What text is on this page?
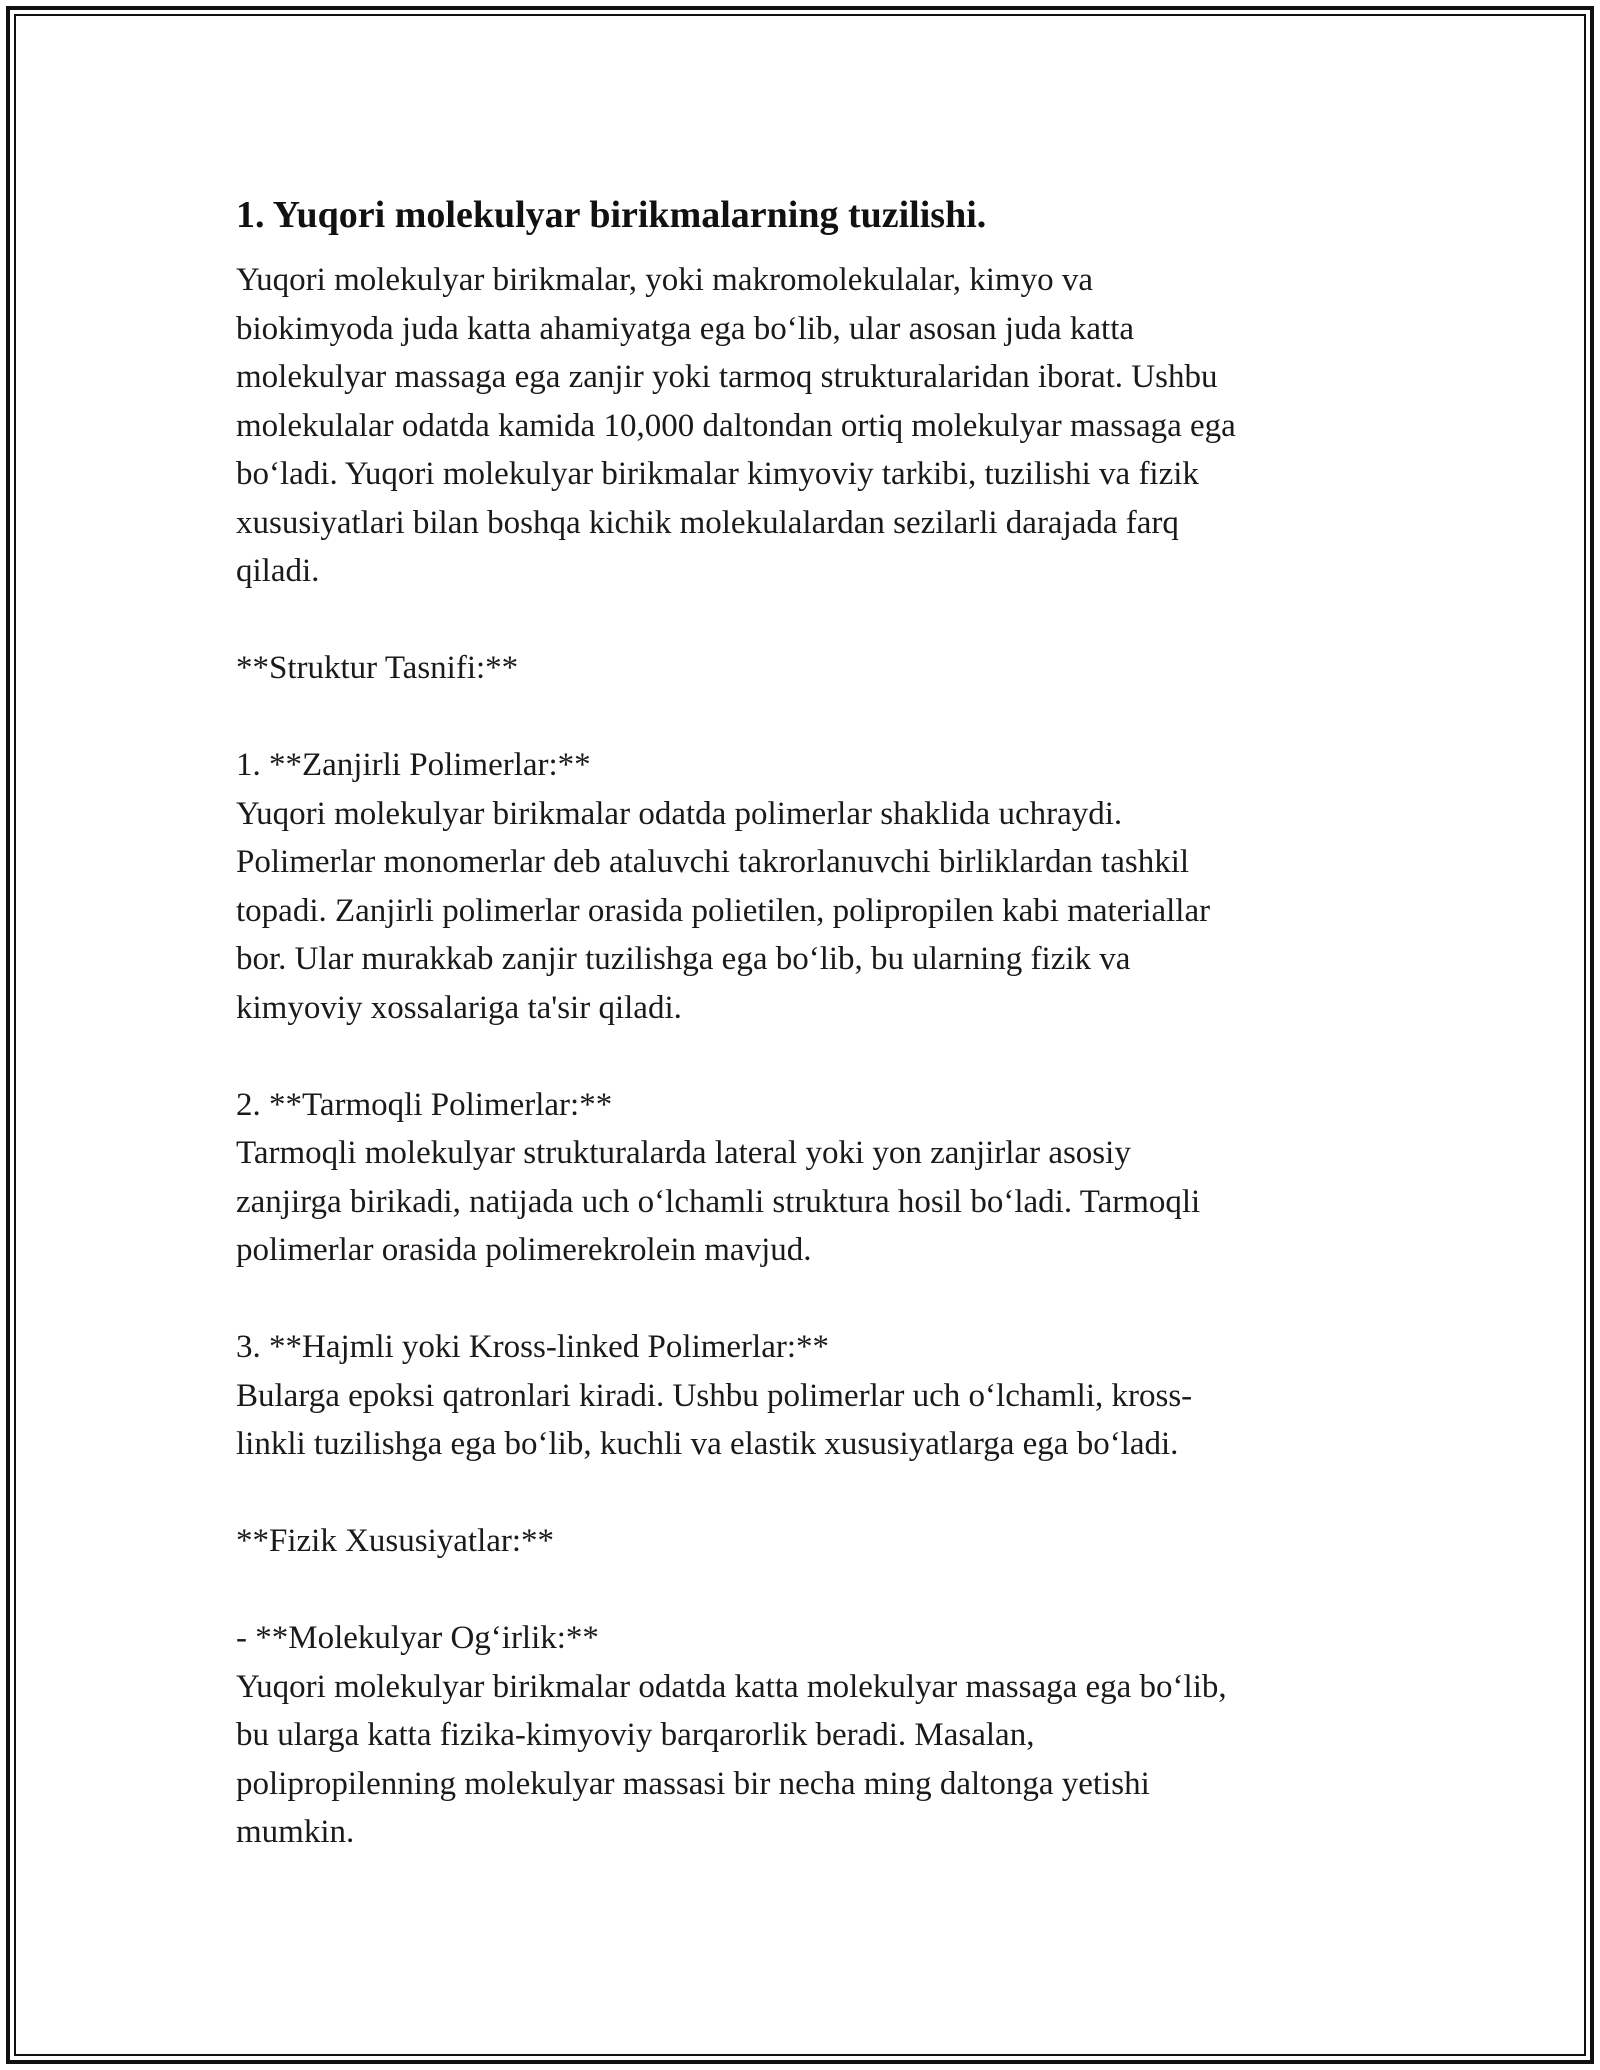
1. Yuqori molekulyar birikmalarning tuzilishi.

Yuqori molekulyar birikmalar, yoki makromolekulalar, kimyo va
biokimyoda juda katta ahamiyatga ega bo‘lib, ular asosan juda katta
molekulyar massaga ega zanjir yoki tarmoq strukturalaridan iborat. Ushbu
molekulalar odatda kamida 10,000 daltondan ortiq molekulyar massaga ega
bo‘ladi. Yuqori molekulyar birikmalar kimyoviy tarkibi, tuzilishi va fizik
xususiyatlari bilan boshqa kichik molekulalardan sezilarli darajada farq
qiladi.

**Struktur Tasnifi:**

1. **Zanjirli Polimerlar:**

Yuqori molekulyar birikmalar odatda polimerlar shaklida uchraydi.
Polimerlar monomerlar deb ataluvchi takrorlanuvchi birliklardan tashkil
topadi. Zanjirli polimerlar orasida polietilen, polipropilen kabi materiallar
bor. Ular murakkab zanjir tuzilishga ega bo‘lib, bu ularning fizik va
kimyoviy xossalariga ta'sir qiladi.

2. **Tarmoqli Polimerlar:**

Tarmoqli molekulyar strukturalarda lateral yoki yon zanjirlar asosiy
zanjirga birikadi, natijada uch o‘lchamli struktura hosil bo‘ladi. Tarmoqli
polimerlar orasida polimerekrolein mavjud.

3. **Hajmli yoki Kross-linked Polimerlar:**

Bularga epoksi qatronlari kiradi. Ushbu polimerlar uch o‘lchamli, kross-
linkli tuzilishga ega bo‘lib, kuchli va elastik xususiyatlarga ega bo‘ladi.

**Fizik Xususiyatlar:**

- **Molekulyar Og‘irlik:**

Yuqori molekulyar birikmalar odatda katta molekulyar massaga ega bo‘lib,
bu ularga katta fizika-kimyoviy barqarorlik beradi. Masalan,
polipropilenning molekulyar massasi bir necha ming daltonga yetishi
mumkin.
